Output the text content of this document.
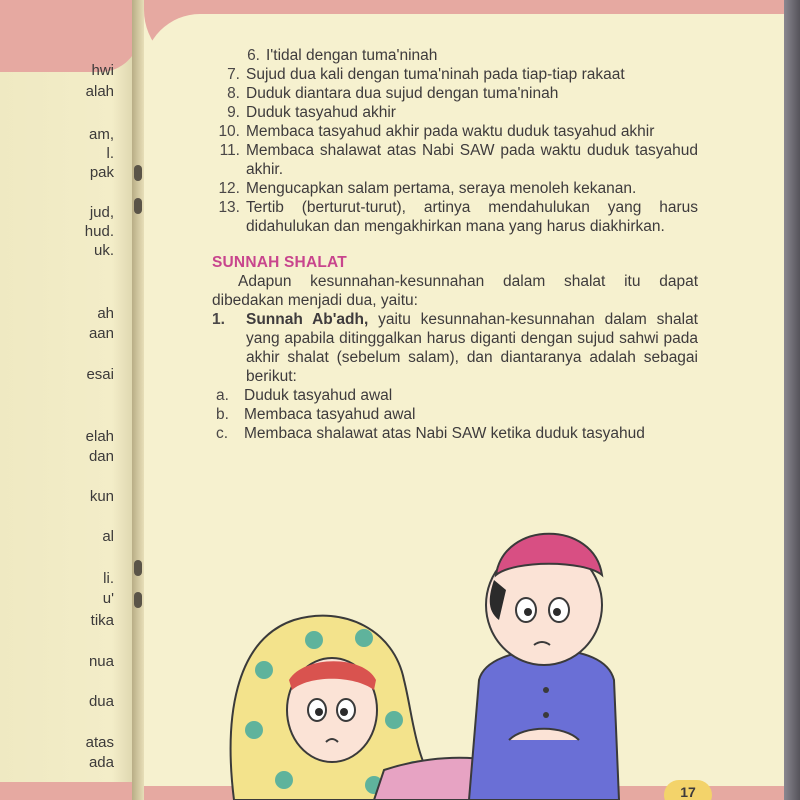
hwi
alah
am,
l.
pak
jud,
hud.
uk.
ah
aan
esai
elah
dan
kun
al
li.
u'
tika
nua
dua
atas
ada
6. I'tidal dengan tuma'ninah
7. Sujud dua kali dengan tuma'ninah pada tiap-tiap rakaat
8. Duduk diantara dua sujud dengan tuma'ninah
9. Duduk tasyahud akhir
10. Membaca tasyahud akhir pada waktu duduk tasyahud akhir
11. Membaca shalawat atas Nabi SAW pada waktu duduk tasyahud akhir.
12. Mengucapkan salam pertama, seraya menoleh kekanan.
13. Tertib (berturut-turut), artinya mendahulukan yang harus didahulukan dan mengakhirkan mana yang harus diakhirkan.
SUNNAH SHALAT
Adapun kesunnahan-kesunnahan dalam shalat itu dapat dibedakan menjadi dua, yaitu:
1.	Sunnah Ab'adh, yaitu kesunnahan-kesunnahan dalam shalat yang apabila ditinggalkan harus diganti dengan sujud sahwi pada akhir shalat (sebelum salam), dan diantaranya adalah sebagai berikut:
a. Duduk tasyahud awal
b. Membaca tasyahud awal
c.	Membaca shalawat atas Nabi SAW ketika duduk tasyahud
17
